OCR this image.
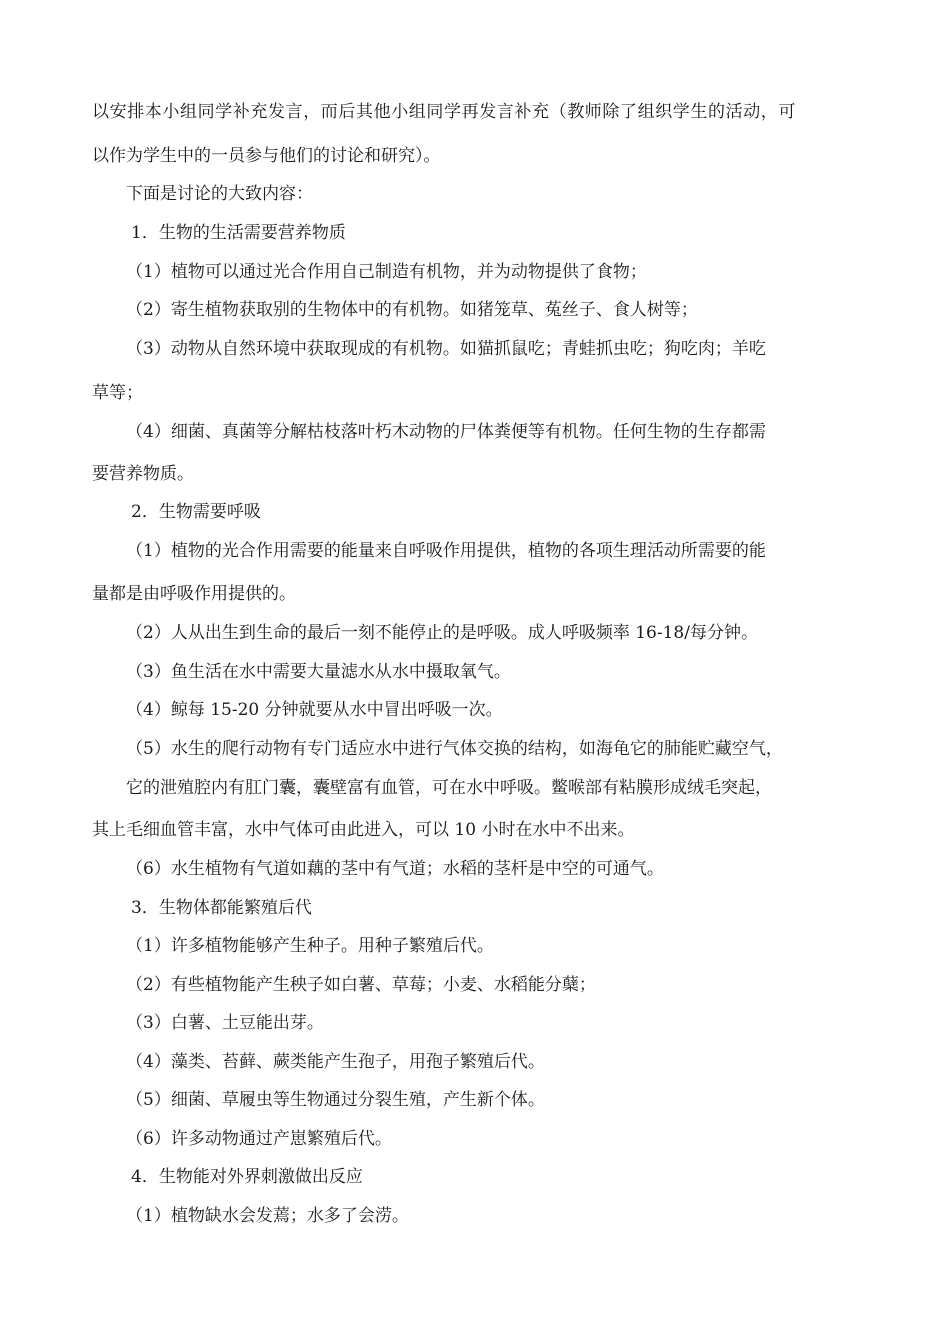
以安排本小组同学补充发言，而后其他小组同学再发言补充（教师除了组织学生的活动，可
以作为学生中的一员参与他们的讨论和研究）。
下面是讨论的大致内容：
1．生物的生活需要营养物质
（1）植物可以通过光合作用自己制造有机物，并为动物提供了食物；
（2）寄生植物获取别的生物体中的有机物。如猪笼草、菟丝子、食人树等；
（3）动物从自然环境中获取现成的有机物。如猫抓鼠吃；青蛙抓虫吃；狗吃肉；羊吃
草等；
（4）细菌、真菌等分解枯枝落叶朽木动物的尸体粪便等有机物。任何生物的生存都需
要营养物质。
2．生物需要呼吸
（1）植物的光合作用需要的能量来自呼吸作用提供，植物的各项生理活动所需要的能
量都是由呼吸作用提供的。
（2）人从出生到生命的最后一刻不能停止的是呼吸。成人呼吸频率 16-18/每分钟。
（3）鱼生活在水中需要大量滤水从水中摄取氧气。
（4）鲸每 15-20 分钟就要从水中冒出呼吸一次。
（5）水生的爬行动物有专门适应水中进行气体交换的结构，如海龟它的肺能贮藏空气，
它的泄殖腔内有肛门囊，囊壁富有血管，可在水中呼吸。鳖喉部有粘膜形成绒毛突起，
其上毛细血管丰富，水中气体可由此进入，可以 10 小时在水中不出来。
（6）水生植物有气道如藕的茎中有气道；水稻的茎杆是中空的可通气。
3．生物体都能繁殖后代
（1）许多植物能够产生种子。用种子繁殖后代。
（2）有些植物能产生秧子如白薯、草莓；小麦、水稻能分蘖；
（3）白薯、土豆能出芽。
（4）藻类、苔藓、蕨类能产生孢子，用孢子繁殖后代。
（5）细菌、草履虫等生物通过分裂生殖，产生新个体。
（6）许多动物通过产崽繁殖后代。
4．生物能对外界刺激做出反应
（1）植物缺水会发蔫；水多了会涝。
